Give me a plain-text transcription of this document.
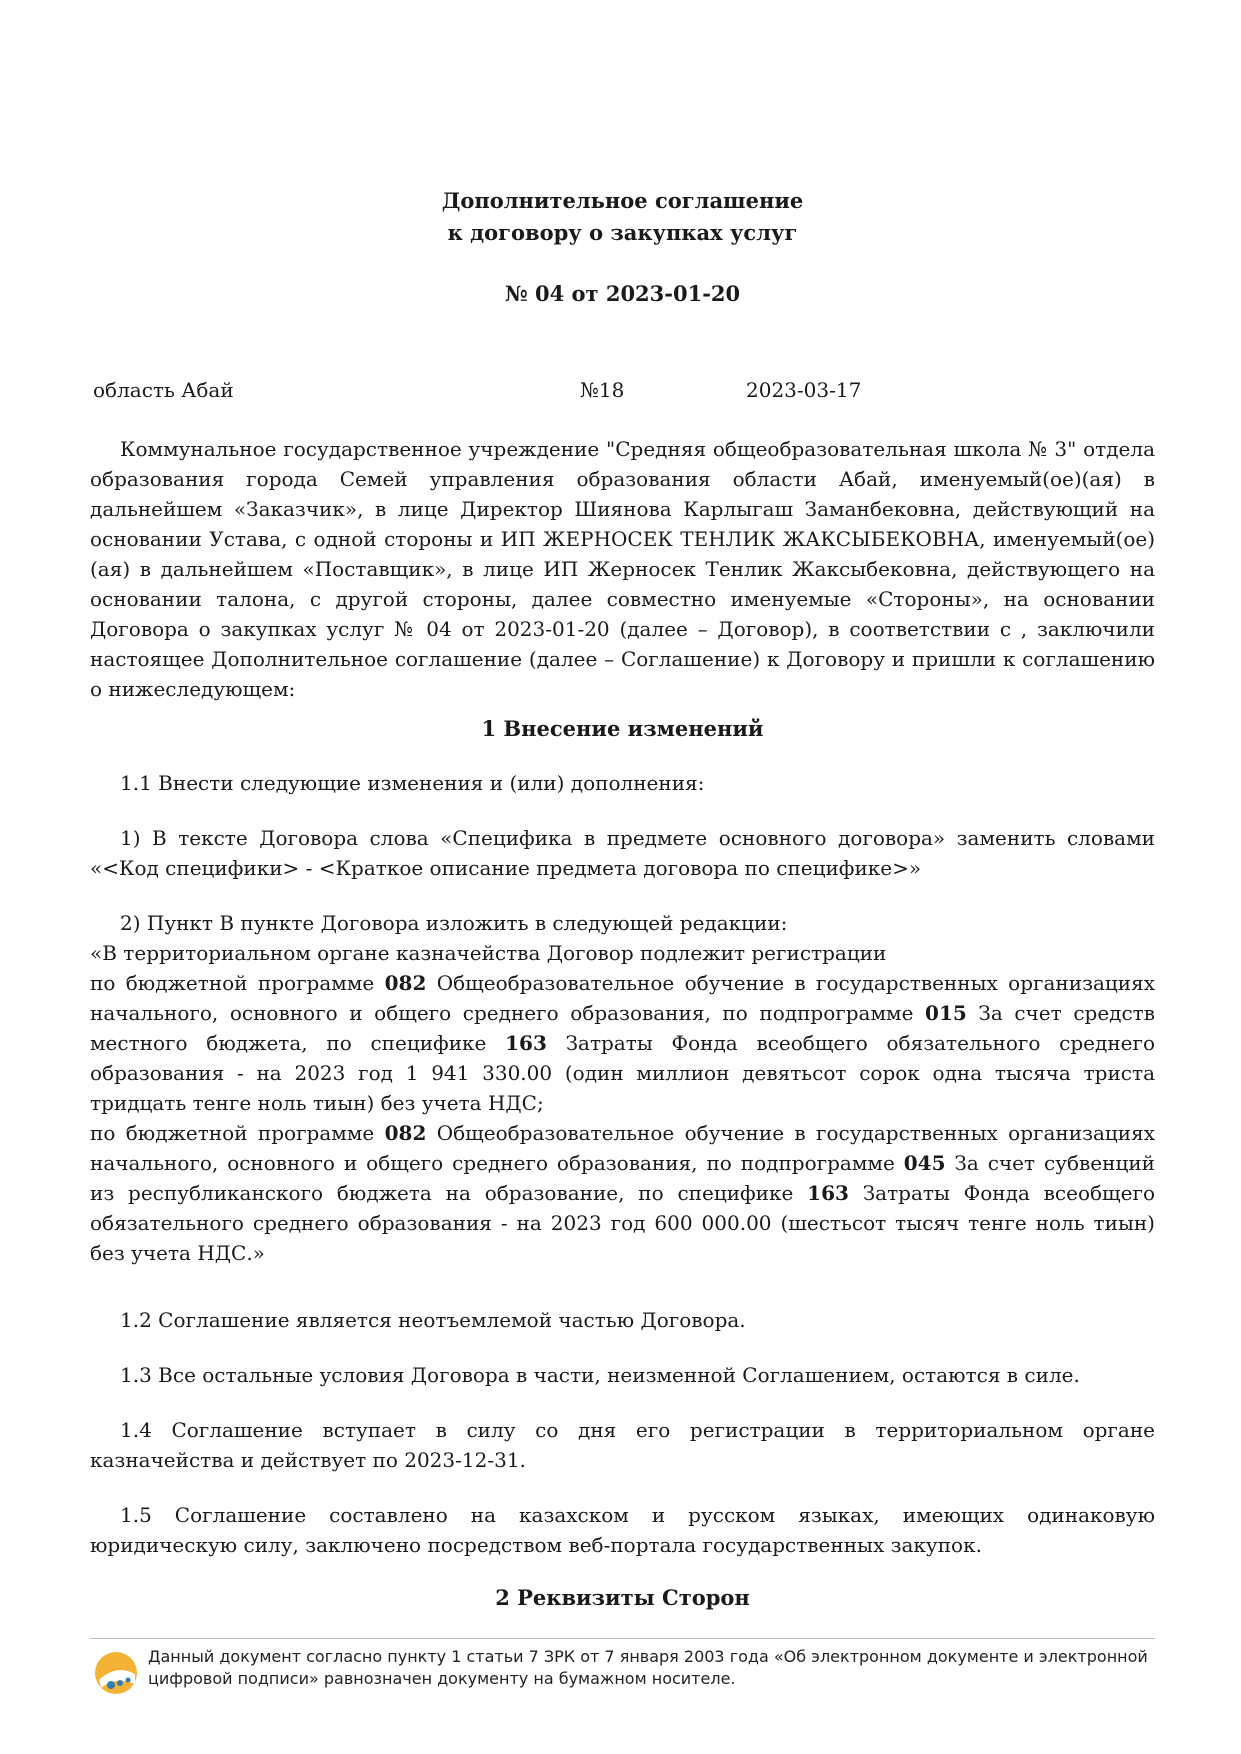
Дополнительное соглашение
к договору о закупках услуг
№ 04 от 2023-01-20
область Абай	№18	2023-03-17
Коммунальное государственное учреждение "Средняя общеобразовательная школа № 3" отдела образования города Семей управления образования области Абай, именуемый(ое)(ая) в дальнейшем «Заказчик», в лице Директор Шиянова Карлыгаш Заманбековна, действующий на основании Устава, с одной стороны и ИП ЖЕРНОСЕК ТЕНЛИК ЖАКСЫБЕКОВНА, именуемый(ое)(ая) в дальнейшем «Поставщик», в лице ИП Жерносек Тенлик Жаксыбековна, действующего на основании талона, с другой стороны, далее совместно именуемые «Стороны», на основании Договора о закупках услуг № 04 от 2023-01-20 (далее – Договор), в соответствии с , заключили настоящее Дополнительное соглашение (далее – Соглашение) к Договору и пришли к соглашению о нижеследующем:
1 Внесение изменений
1.1 Внести следующие изменения и (или) дополнения:
1) В тексте Договора слова «Специфика в предмете основного договора» заменить словами «<Код специфики> - <Краткое описание предмета договора по специфике>»
2) Пункт В пункте Договора изложить в следующей редакции:
«В территориальном органе казначейства Договор подлежит регистрации
по бюджетной программе 082 Общеобразовательное обучение в государственных организациях начального, основного и общего среднего образования, по подпрограмме 015 За счет средств местного бюджета, по специфике 163 Затраты Фонда всеобщего обязательного среднего образования - на 2023 год 1 941 330.00 (один миллион девятьсот сорок одна тысяча триста тридцать тенге ноль тиын) без учета НДС;
по бюджетной программе 082 Общеобразовательное обучение в государственных организациях начального, основного и общего среднего образования, по подпрограмме 045 За счет субвенций из республиканского бюджета на образование, по специфике 163 Затраты Фонда всеобщего обязательного среднего образования - на 2023 год 600 000.00 (шестьсот тысяч тенге ноль тиын) без учета НДС.»
1.2 Соглашение является неотъемлемой частью Договора.
1.3 Все остальные условия Договора в части, неизменной Соглашением, остаются в силе.
1.4 Соглашение вступает в силу со дня его регистрации в территориальном органе казначейства и действует по 2023-12-31.
1.5 Соглашение составлено на казахском и русском языках, имеющих одинаковую юридическую силу, заключено посредством веб-портала государственных закупок.
2 Реквизиты Сторон
Данный документ согласно пункту 1 статьи 7 ЗРК от 7 января 2003 года «Об электронном документе и электронной цифровой подписи» равнозначен документу на бумажном носителе.
